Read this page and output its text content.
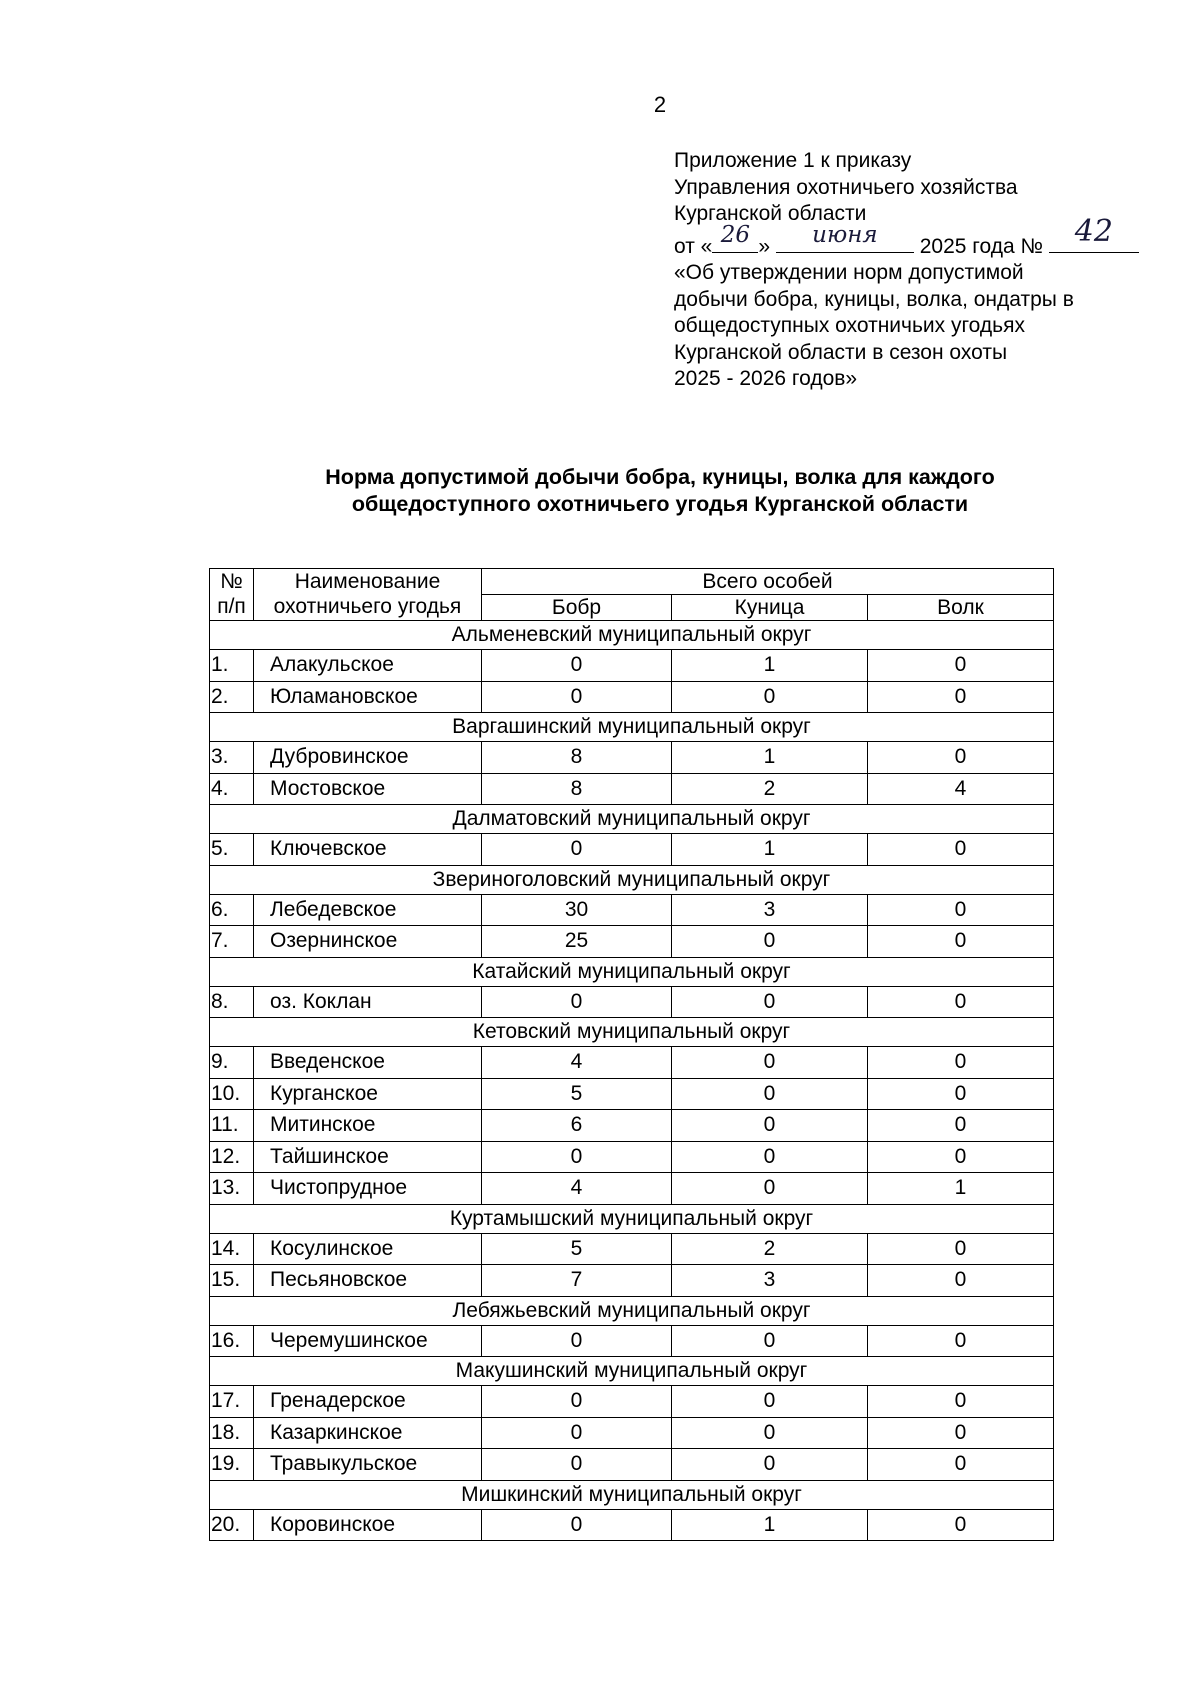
2
Приложение 1 к приказу
Управления охотничьего хозяйства
Курганской области
от « 26 »	июня	2025 года №	42
«Об утверждении норм допустимой
добычи бобра, куницы, волка, ондатры в
общедоступных охотничьих угодьях
Курганской области в сезон охоты
2025 - 2026 годов»
Норма допустимой добычи бобра, куницы, волка для каждого
общедоступного охотничьего угодья Курганской области
№	Наименование	Всего особей		
п/п	охотничьего угодья	Бобр	Куница	Волк
Альменевский муниципальный округ				
1.	Алакульское	0	1	0
2.	Юламановское	0	0	0
Варгашинский муниципальный округ				
3.	Дубровинское	8	1	0
4.	Мостовское	8	2	4
Далматовский муниципальный округ				
5.	Ключевское	0	1	0
Звериноголовский муниципальный округ				
6.	Лебедевское	30	3	0
7.	Озернинское	25	0	0
Катайский муниципальный округ				
8.	оз. Коклан	0	0	0
Кетовский муниципальный округ				
9.	Введенское	4	0	0
10.	Курганское	5	0	0
11.	Митинское	6	0	0
12.	Тайшинское	0	0	0
13.	Чистопрудное	4	0	1
Куртамышский муниципальный округ				
14.	Косулинское	5	2	0
15.	Песьяновское	7	3	0
Лебяжьевский муниципальный округ				
16.	Черемушинское	0	0	0
Макушинский муниципальный округ				
17.	Гренадерское	0	0	0
18.	Казаркинское	0	0	0
19.	Травыкульское	0	0	0
Мишкинский муниципальный округ				
20.	Коровинское	0	1	0
